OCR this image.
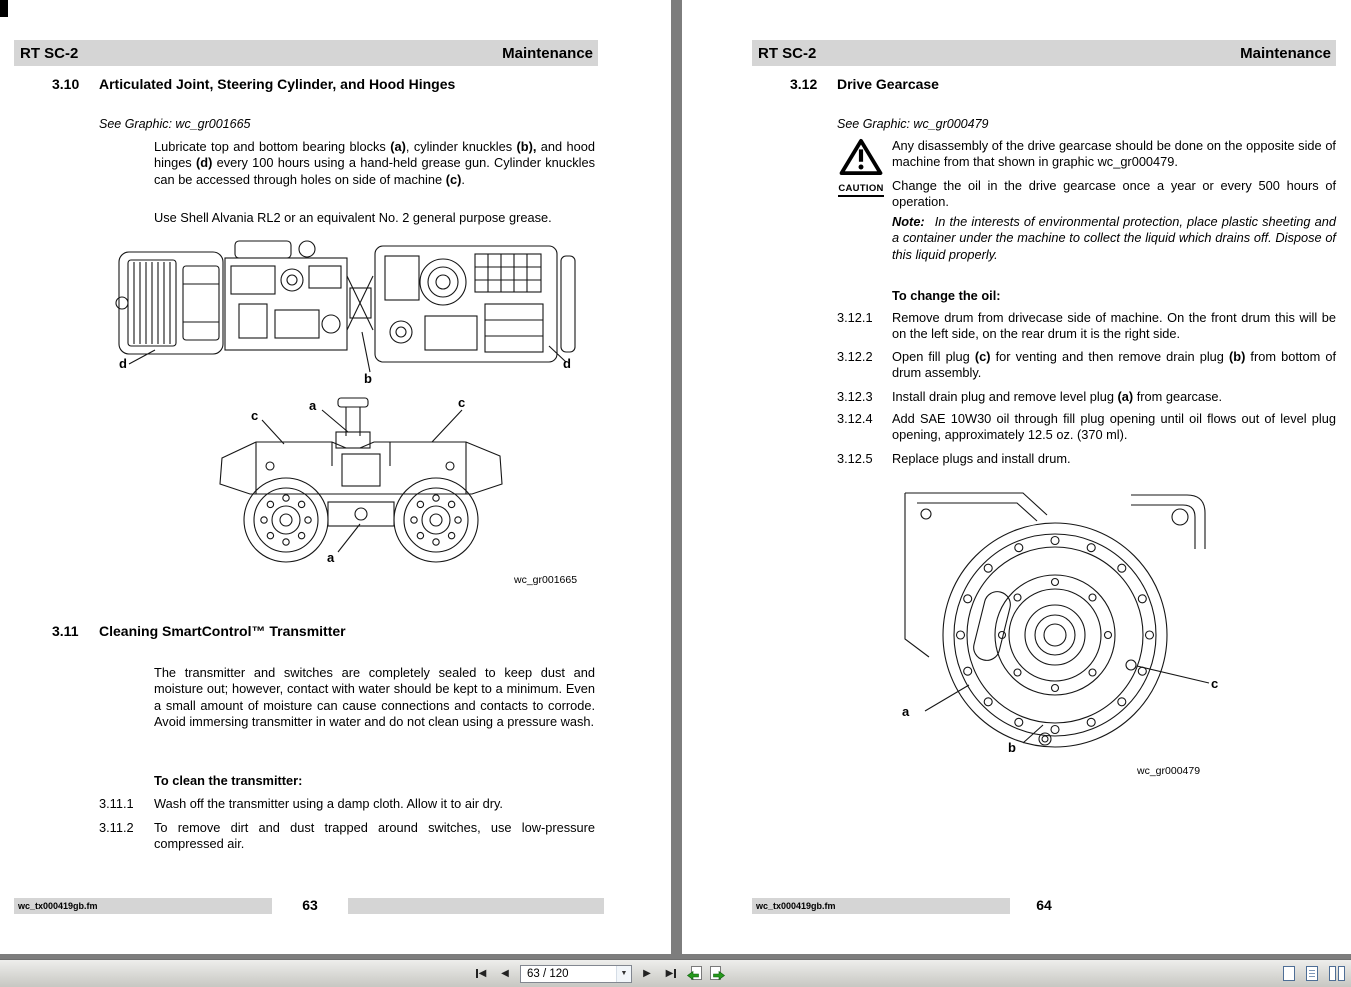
RT SC-2	Maintenance
3.10 Articulated Joint, Steering Cylinder, and Hood Hinges
See Graphic: wc_gr001665
Lubricate top and bottom bearing blocks (a), cylinder knuckles (b), and hood hinges (d) every 100 hours using a hand-held grease gun. Cylinder knuckles can be accessed through holes on side of machine (c).
Use Shell Alvania RL2 or an equivalent No. 2 general purpose grease.
d
b
d
c
a	c
a
wc_gr001665
3.11 Cleaning SmartControl™ Transmitter
The transmitter and switches are completely sealed to keep dust and moisture out; however, contact with water should be kept to a minimum. Even a small amount of moisture can cause connections and contacts to corrode. Avoid immersing transmitter in water and do not clean using a pressure wash.
To clean the transmitter:
3.11.1 Wash off the transmitter using a damp cloth. Allow it to air dry.
3.11.2 To remove dirt and dust trapped around switches, use low-pressure compressed air.
wc_tx000419gb.fm	63
RT SC-2	Maintenance
3.12 Drive Gearcase
See Graphic: wc_gr000479
CAUTION
Any disassembly of the drive gearcase should be done on the opposite side of machine from that shown in graphic wc_gr000479.
Change the oil in the drive gearcase once a year or every 500 hours of operation.
Note: In the interests of environmental protection, place plastic sheeting and a container under the machine to collect the liquid which drains off. Dispose of this liquid properly.
To change the oil:
3.12.1 Remove drum from drivecase side of machine. On the front drum this will be on the left side, on the rear drum it is the right side.
3.12.2 Open fill plug (c) for venting and then remove drain plug (b) from bottom of drum assembly.
3.12.3 Install drain plug and remove level plug (a) from gearcase.
3.12.4 Add SAE 10W30 oil through fill plug opening until oil flows out of level plug opening, approximately 12.5 oz. (370 ml).
3.12.5 Replace plugs and install drum.
a
b
c
wc_gr000479
wc_tx000419gb.fm	64
◀ ◀	63 / 120	▼	▶ ▶
